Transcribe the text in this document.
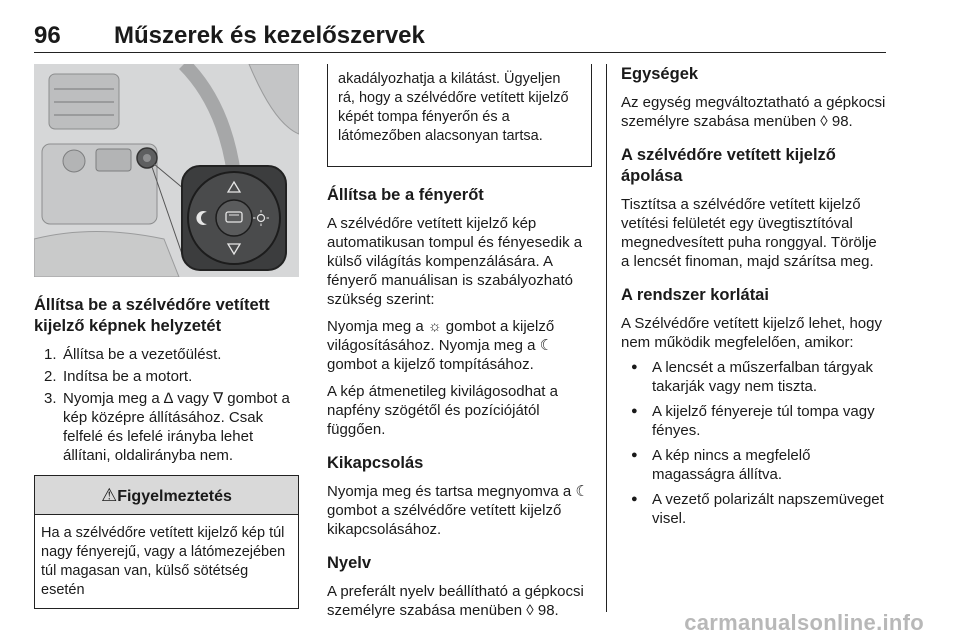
96 Műszerek és kezelőszervek
Állítsa be a szélvédőre vetített kijelző képnek helyzetét
1. Állítsa be a vezetőülést.
2. Indítsa be a motort.
3. Nyomja meg a ∆ vagy ∇ gombot a kép középre állításához. Csak felfelé és lefelé irányba lehet állítani, oldalirányba nem.
⚠Figyelmeztetés
Ha a szélvédőre vetített kijelző kép túl nagy fényerejű, vagy a látómezejében túl magasan van, külső sötétség esetén
akadályozhatja a kilátást. Ügyeljen rá, hogy a szélvédőre vetített kijelző képét tompa fényerőn és a látómezőben alacsonyan tartsa.
Állítsa be a fényerőt

A szélvédőre vetített kijelző kép automatikusan tompul és fényesedik a külső világítás kompenzálására. A fényerő manuálisan is szabályozható szükség szerint:

Nyomja meg a ☼ gombot a kijelző világosításához. Nyomja meg a ☾ gombot a kijelző tompításához.

A kép átmenetileg kivilágosodhat a napfény szögétől és pozíciójától függően.

Kikapcsolás

Nyomja meg és tartsa megnyomva a ☾ gombot a szélvédőre vetített kijelző kikapcsolásához.

Nyelv

A preferált nyelv beállítható a gépkocsi személyre szabása menüben ◊ 98.

Egységek

Az egység megváltoztatható a gépkocsi személyre szabása menüben ◊ 98.

A szélvédőre vetített kijelző ápolása

Tisztítsa a szélvédőre vetített kijelző vetítési felületét egy üvegtisztítóval megnedvesített puha ronggyal. Törölje a lencsét finoman, majd szárítsa meg.

A rendszer korlátai

A Szélvédőre vetített kijelző lehet, hogy nem működik megfelelően, amikor:

● A lencsét a műszerfalban tárgyak takarják vagy nem tiszta.
● A kijelző fényereje túl tompa vagy fényes.
● A kép nincs a megfelelő magasságra állítva.
● A vezető polarizált napszemüveget visel.
carmanualsonline.info
